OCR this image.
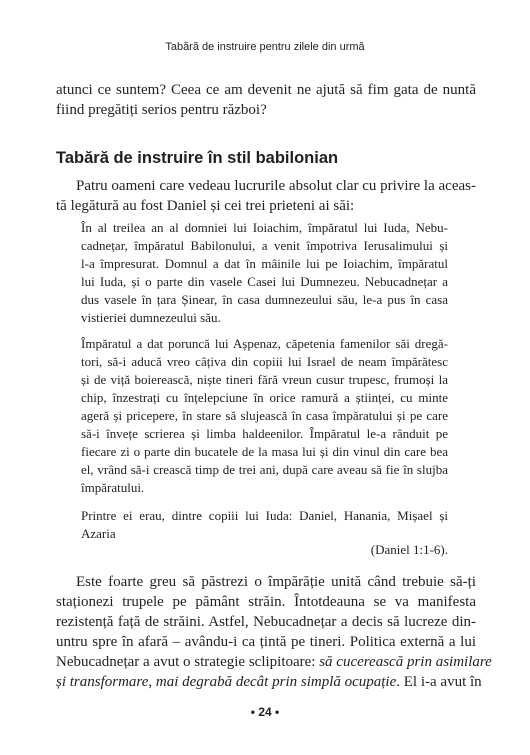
Tabără de instruire pentru zilele din urmă
atunci ce suntem? Ceea ce am devenit ne ajută să fim gata de nuntă
fiind pregătiți serios pentru război?
Tabără de instruire în stil babilonian
Patru oameni care vedeau lucrurile absolut clar cu privire la aceas-
tă legătură au fost Daniel și cei trei prieteni ai săi:
În al treilea an al domniei lui Ioiachim, împăratul lui Iuda, Nebu-
cadnețar, împăratul Babilonului, a venit împotriva Ierusalimului și
l-a împresurat. Domnul a dat în mâinile lui pe Ioiachim, împăratul
lui Iuda, și o parte din vasele Casei lui Dumnezeu. Nebucadnețar a
dus vasele în țara Șinear, în casa dumnezeului său, le-a pus în casa
vistieriei dumnezeului său.
Împăratul a dat poruncă lui Așpenaz, căpetenia famenilor săi dregă-
tori, să-i aducă vreo câțiva din copiii lui Israel de neam împărătesc
și de viță boierească, niște tineri fără vreun cusur trupesc, frumoși la
chip, înzestrați cu înțelepciune în orice ramură a științei, cu minte
ageră și pricepere, în stare să slujească în casa împăratului și pe care
să-i învețe scrierea și limba haldeenilor. Împăratul le-a rânduit pe
fiecare zi o parte din bucatele de la masa lui și din vinul din care bea
el, vrând să-i crească timp de trei ani, după care aveau să fie în slujba
împăratului.
Printre ei erau, dintre copiii lui Iuda: Daniel, Hanania, Mișael și
Azaria
(Daniel 1:1-6).
Este foarte greu să păstrezi o împărăție unită când trebuie să-ți
staționezi trupele pe pământ străin. Întotdeauna se va manifesta
rezistență față de străini. Astfel, Nebucadnețar a decis să lucreze din-
untru spre în afară – avându-i ca țintă pe tineri. Politica externă a lui
Nebucadnețar a avut o strategie sclipitoare: să cucerească prin asimilare
și transformare, mai degrabă decât prin simplă ocupație. El i-a avut în
• 24 •
